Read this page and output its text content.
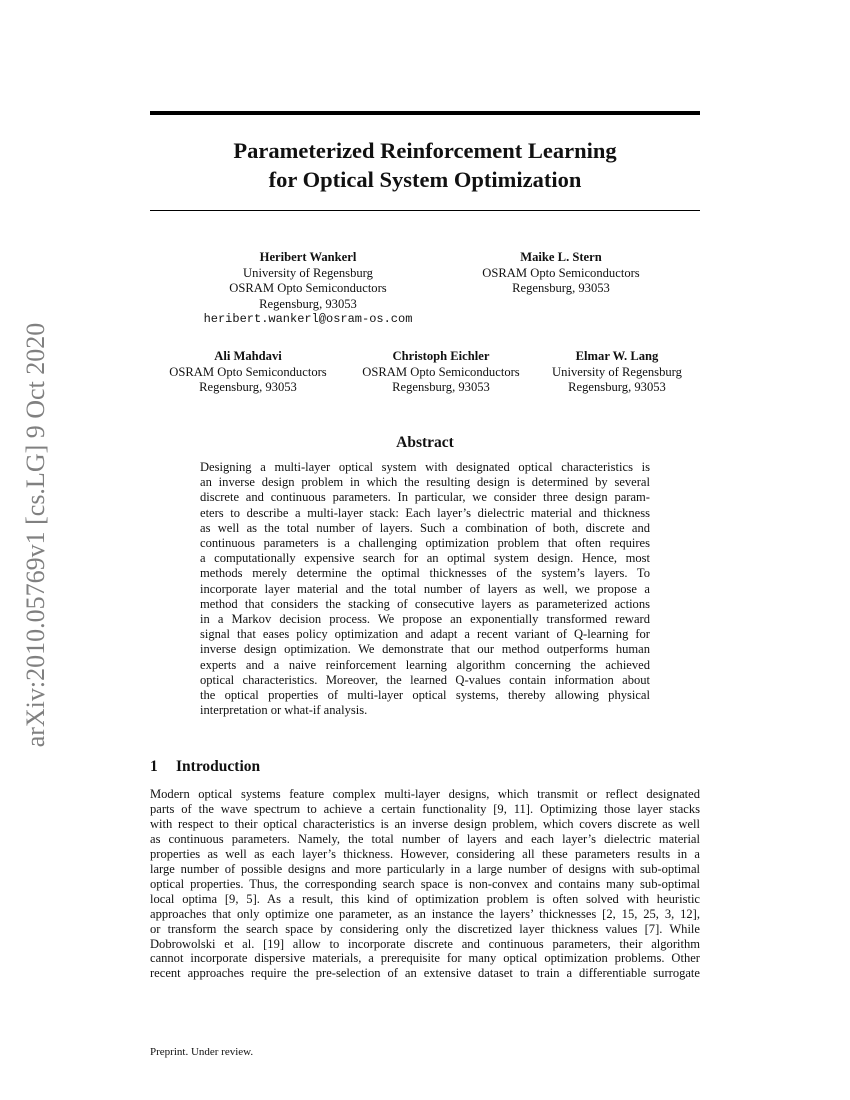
arXiv:2010.05769v1 [cs.LG] 9 Oct 2020
Parameterized Reinforcement Learning
for Optical System Optimization
Heribert Wankerl
University of Regensburg
OSRAM Opto Semiconductors
Regensburg, 93053
heribert.wankerl@osram-os.com
Maike L. Stern
OSRAM Opto Semiconductors
Regensburg, 93053
Ali Mahdavi
OSRAM Opto Semiconductors
Regensburg, 93053
Christoph Eichler
OSRAM Opto Semiconductors
Regensburg, 93053
Elmar W. Lang
University of Regensburg
Regensburg, 93053
Abstract
Designing a multi-layer optical system with designated optical characteristics is
an inverse design problem in which the resulting design is determined by several
discrete and continuous parameters. In particular, we consider three design param-
eters to describe a multi-layer stack: Each layer’s dielectric material and thickness
as well as the total number of layers. Such a combination of both, discrete and
continuous parameters is a challenging optimization problem that often requires
a computationally expensive search for an optimal system design. Hence, most
methods merely determine the optimal thicknesses of the system’s layers. To
incorporate layer material and the total number of layers as well, we propose a
method that considers the stacking of consecutive layers as parameterized actions
in a Markov decision process. We propose an exponentially transformed reward
signal that eases policy optimization and adapt a recent variant of Q-learning for
inverse design optimization. We demonstrate that our method outperforms human
experts and a naive reinforcement learning algorithm concerning the achieved
optical characteristics. Moreover, the learned Q-values contain information about
the optical properties of multi-layer optical systems, thereby allowing physical
interpretation or what-if analysis.
1 Introduction
Modern optical systems feature complex multi-layer designs, which transmit or reflect designated
parts of the wave spectrum to achieve a certain functionality [9, 11]. Optimizing those layer stacks
with respect to their optical characteristics is an inverse design problem, which covers discrete as well
as continuous parameters. Namely, the total number of layers and each layer’s dielectric material
properties as well as each layer’s thickness. However, considering all these parameters results in a
large number of possible designs and more particularly in a large number of designs with sub-optimal
optical properties. Thus, the corresponding search space is non-convex and contains many sub-optimal
local optima [9, 5]. As a result, this kind of optimization problem is often solved with heuristic
approaches that only optimize one parameter, as an instance the layers’ thicknesses [2, 15, 25, 3, 12],
or transform the search space by considering only the discretized layer thickness values [7]. While
Dobrowolski et al. [19] allow to incorporate discrete and continuous parameters, their algorithm
cannot incorporate dispersive materials, a prerequisite for many optical optimization problems. Other
recent approaches require the pre-selection of an extensive dataset to train a differentiable surrogate
Preprint. Under review.
